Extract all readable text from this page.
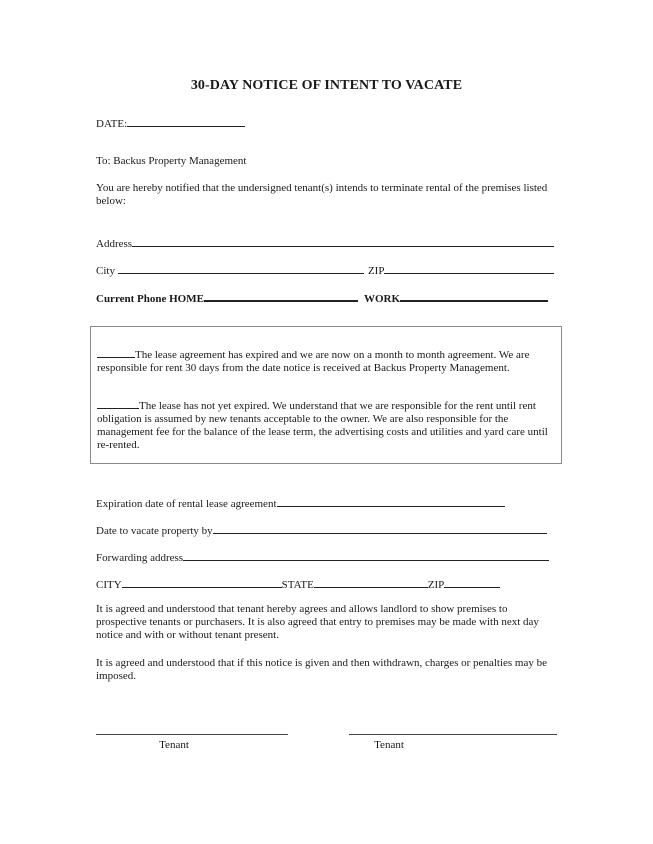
30-DAY NOTICE OF INTENT TO VACATE
DATE:
To: Backus Property Management
You are hereby notified that the undersigned tenant(s) intends to terminate rental of the premises listed below:
Address
City	ZIP
Current Phone HOME	WORK
The lease agreement has expired and we are now on a month to month agreement. We are responsible for rent 30 days from the date notice is received at Backus Property Management.
The lease has not yet expired. We understand that we are responsible for the rent until rent obligation is assumed by new tenants acceptable to the owner. We are also responsible for the management fee for the balance of the lease term, the advertising costs and utilities and yard care until re-rented.
Expiration date of rental lease agreement
Date to vacate property by
Forwarding address
CITY	STATE	ZIP
It is agreed and understood that tenant hereby agrees and allows landlord to show premises to prospective tenants or purchasers. It is also agreed that entry to premises may be made with next day notice and with or without tenant present.
It is agreed and understood that if this notice is given and then withdrawn, charges or penalties may be imposed.
Tenant	Tenant
